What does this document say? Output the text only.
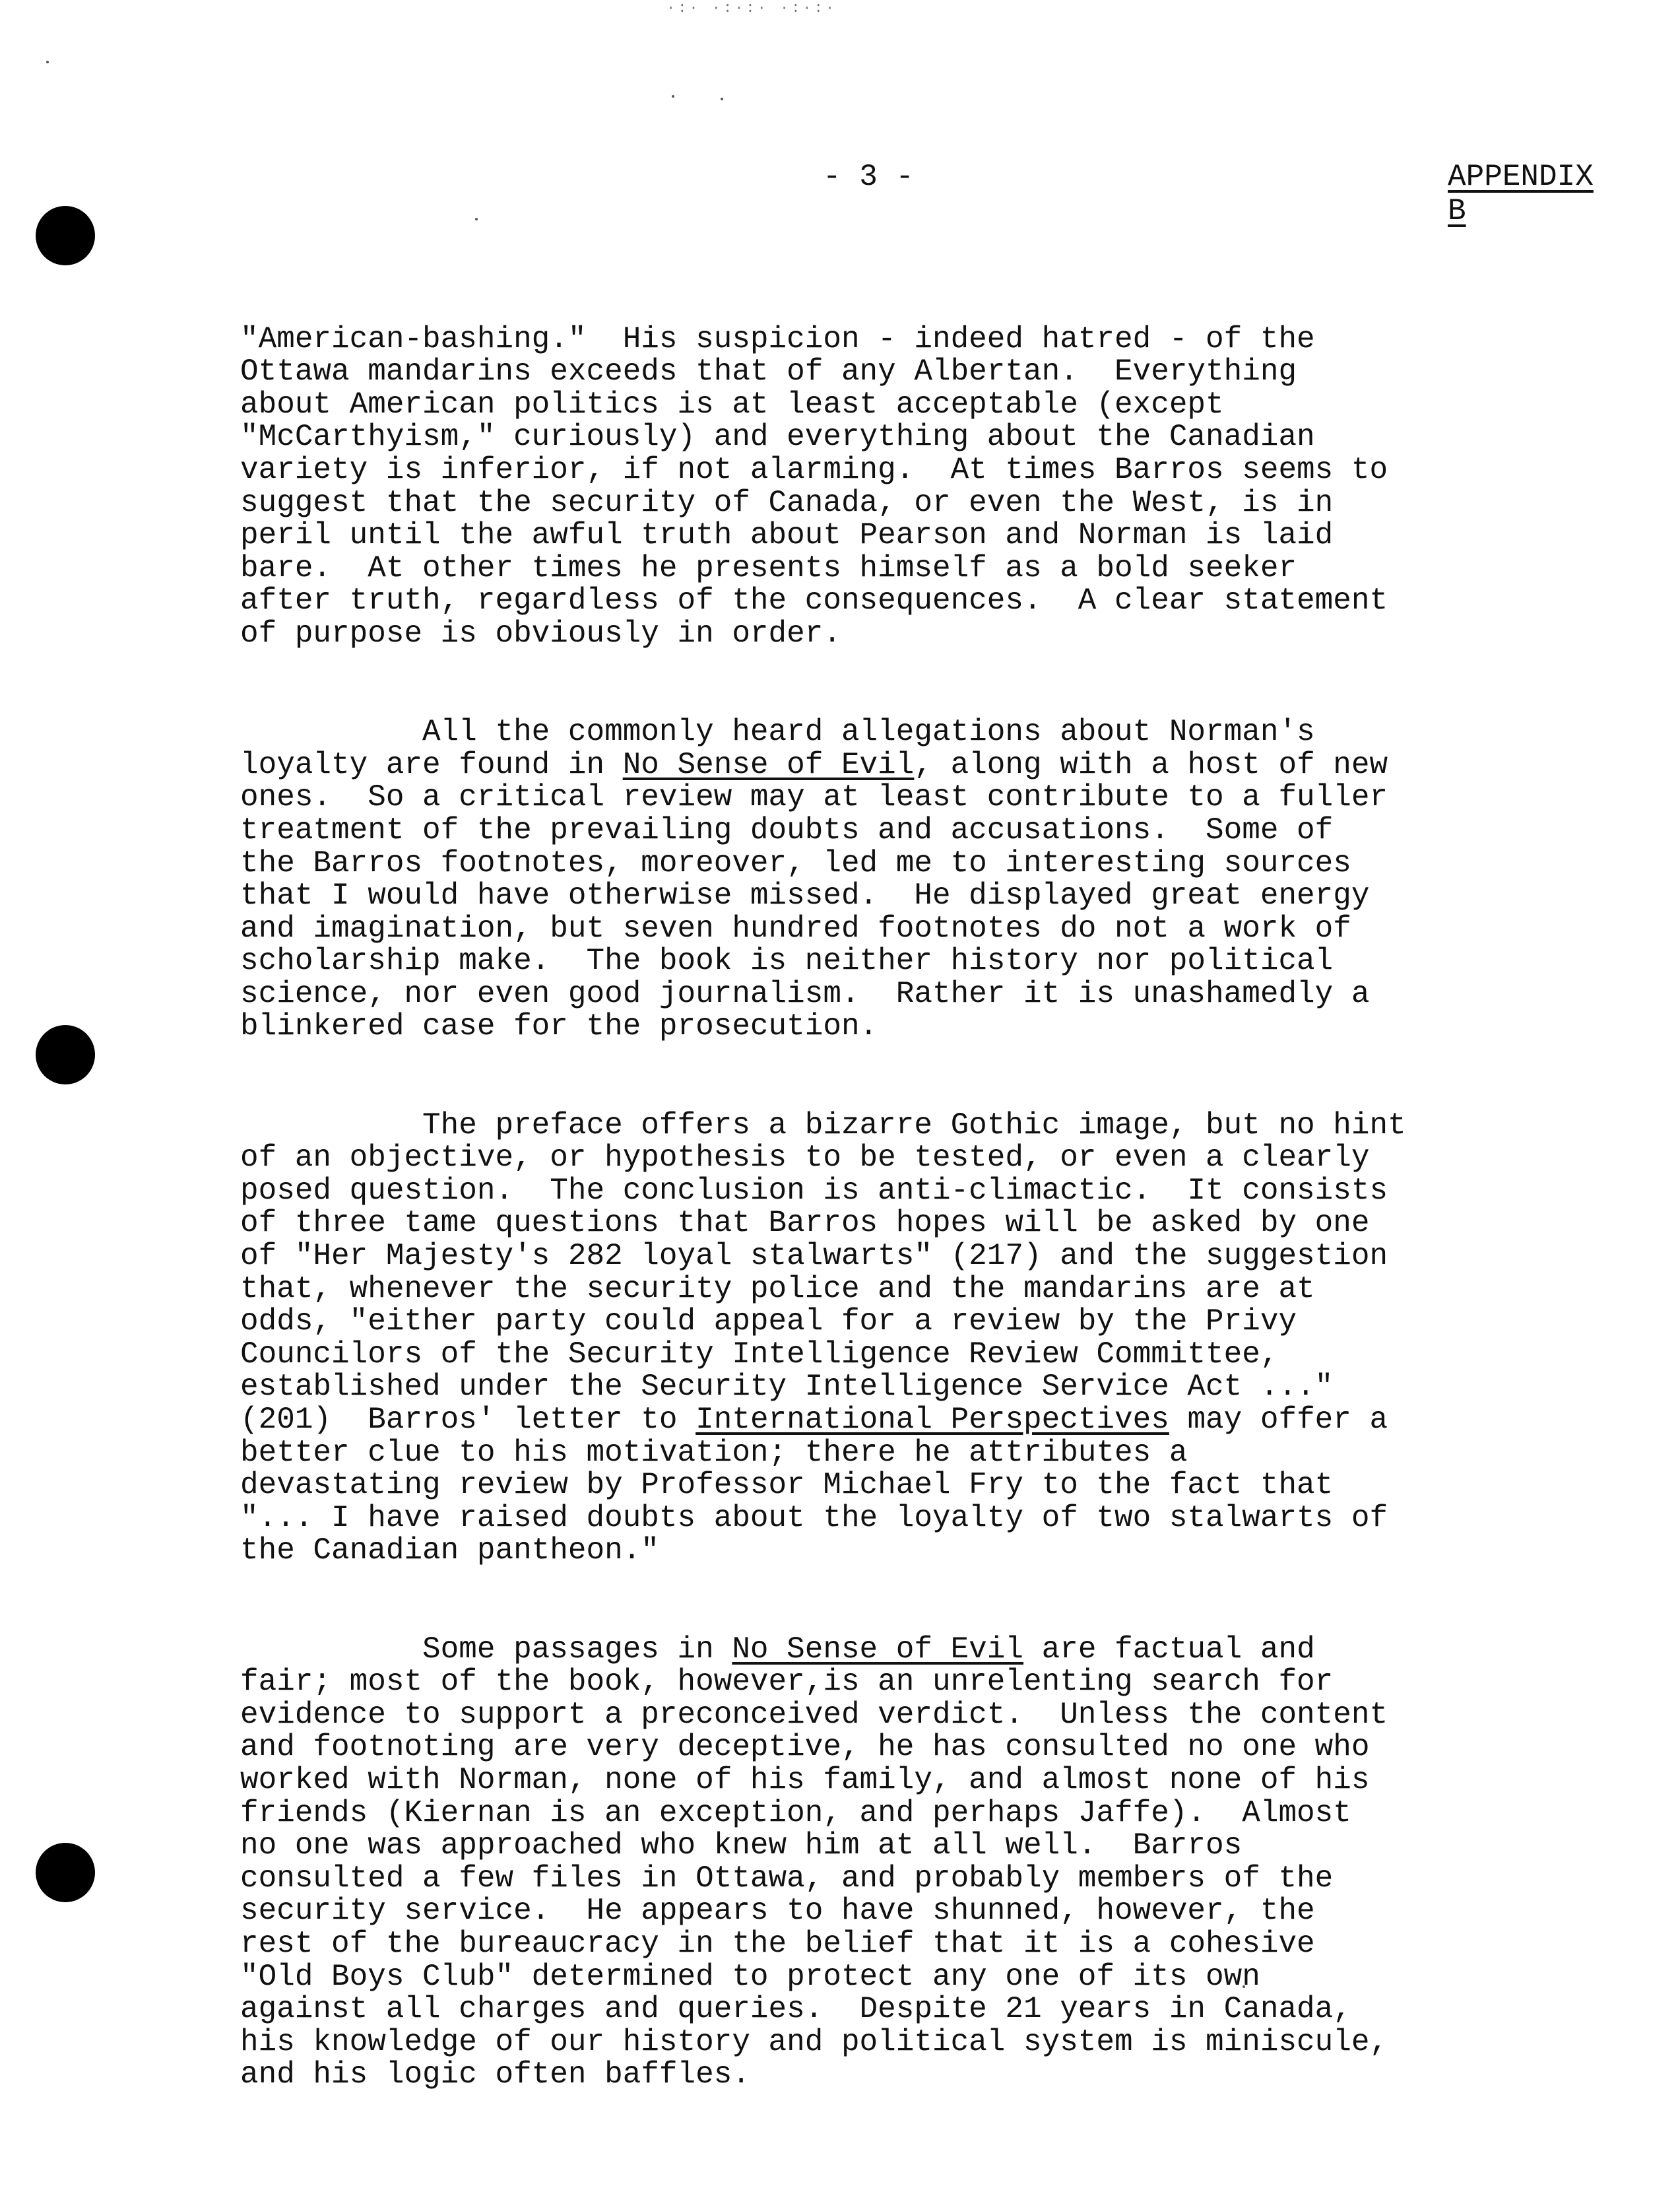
·:· ·:·:· ·:·:·
- 3 -	APPENDIX B

"American-bashing."  His suspicion - indeed hatred - of the
Ottawa mandarins exceeds that of any Albertan.  Everything
about American politics is at least acceptable (except
"McCarthyism," curiously) and everything about the Canadian
variety is inferior, if not alarming.  At times Barros seems to
suggest that the security of Canada, or even the West, is in
peril until the awful truth about Pearson and Norman is laid
bare.  At other times he presents himself as a bold seeker
after truth, regardless of the consequences.  A clear statement
of purpose is obviously in order.

All the commonly heard allegations about Norman's
loyalty are found in No Sense of Evil, along with a host of new
ones.  So a critical review may at least contribute to a fuller
treatment of the prevailing doubts and accusations.  Some of
the Barros footnotes, moreover, led me to interesting sources
that I would have otherwise missed.  He displayed great energy
and imagination, but seven hundred footnotes do not a work of
scholarship make.  The book is neither history nor political
science, nor even good journalism.  Rather it is unashamedly a
blinkered case for the prosecution.

The preface offers a bizarre Gothic image, but no hint
of an objective, or hypothesis to be tested, or even a clearly
posed question.  The conclusion is anti-climactic.  It consists
of three tame questions that Barros hopes will be asked by one
of "Her Majesty's 282 loyal stalwarts" (217) and the suggestion
that, whenever the security police and the mandarins are at
odds, "either party could appeal for a review by the Privy
Councilors of the Security Intelligence Review Committee,
established under the Security Intelligence Service Act ..."
(201)  Barros' letter to International Perspectives may offer a
better clue to his motivation; there he attributes a
devastating review by Professor Michael Fry to the fact that
"... I have raised doubts about the loyalty of two stalwarts of
the Canadian pantheon."

Some passages in No Sense of Evil are factual and
fair; most of the book, however,is an unrelenting search for
evidence to support a preconceived verdict.  Unless the content
and footnoting are very deceptive, he has consulted no one who
worked with Norman, none of his family, and almost none of his
friends (Kiernan is an exception, and perhaps Jaffe).  Almost
no one was approached who knew him at all well.  Barros
consulted a few files in Ottawa, and probably members of the
security service.  He appears to have shunned, however, the
rest of the bureaucracy in the belief that it is a cohesive
"Old Boys Club" determined to protect any one of its own
against all charges and queries.  Despite 21 years in Canada,
his knowledge of our history and political system is miniscule,
and his logic often baffles.
